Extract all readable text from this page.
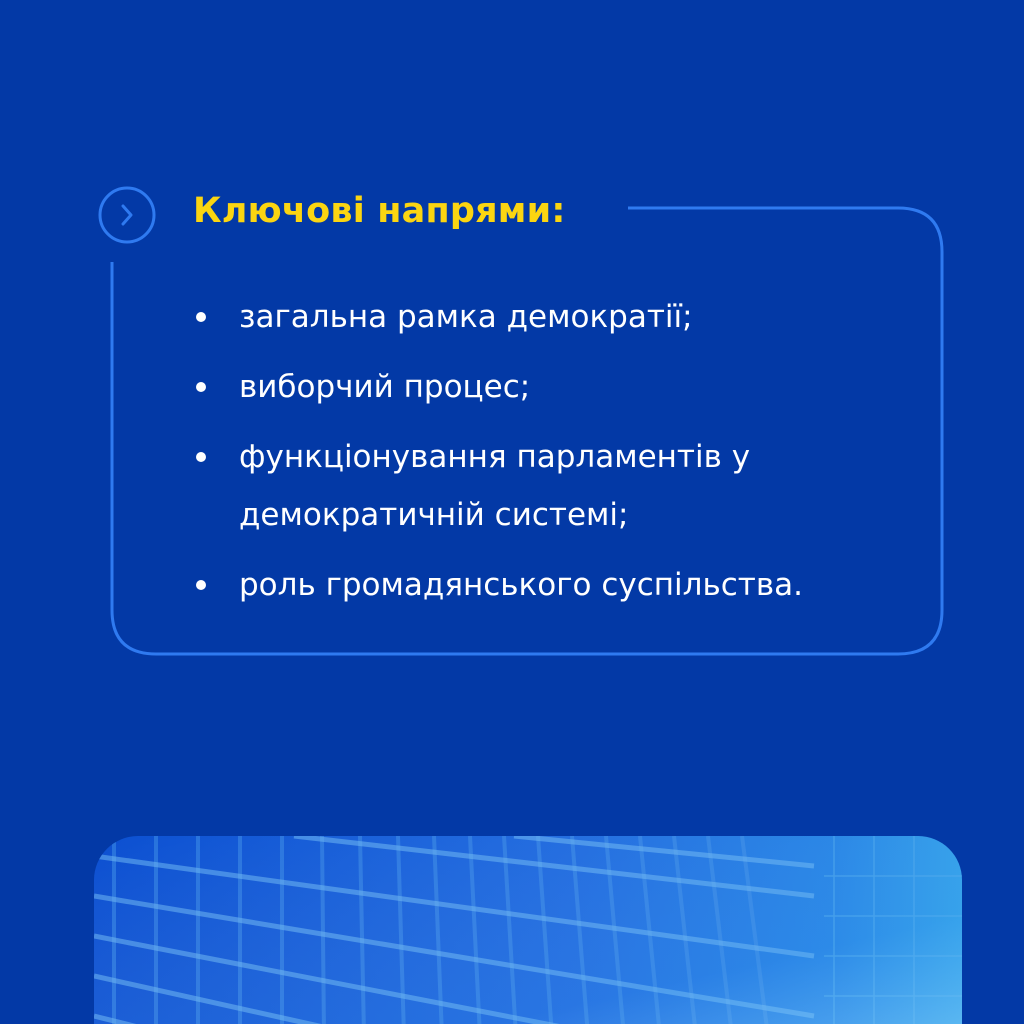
Ключові напрями:
загальна рамка демократії;
виборчий процес;
функціонування парламентів у демократичній системі;
роль громадянського суспільства.
